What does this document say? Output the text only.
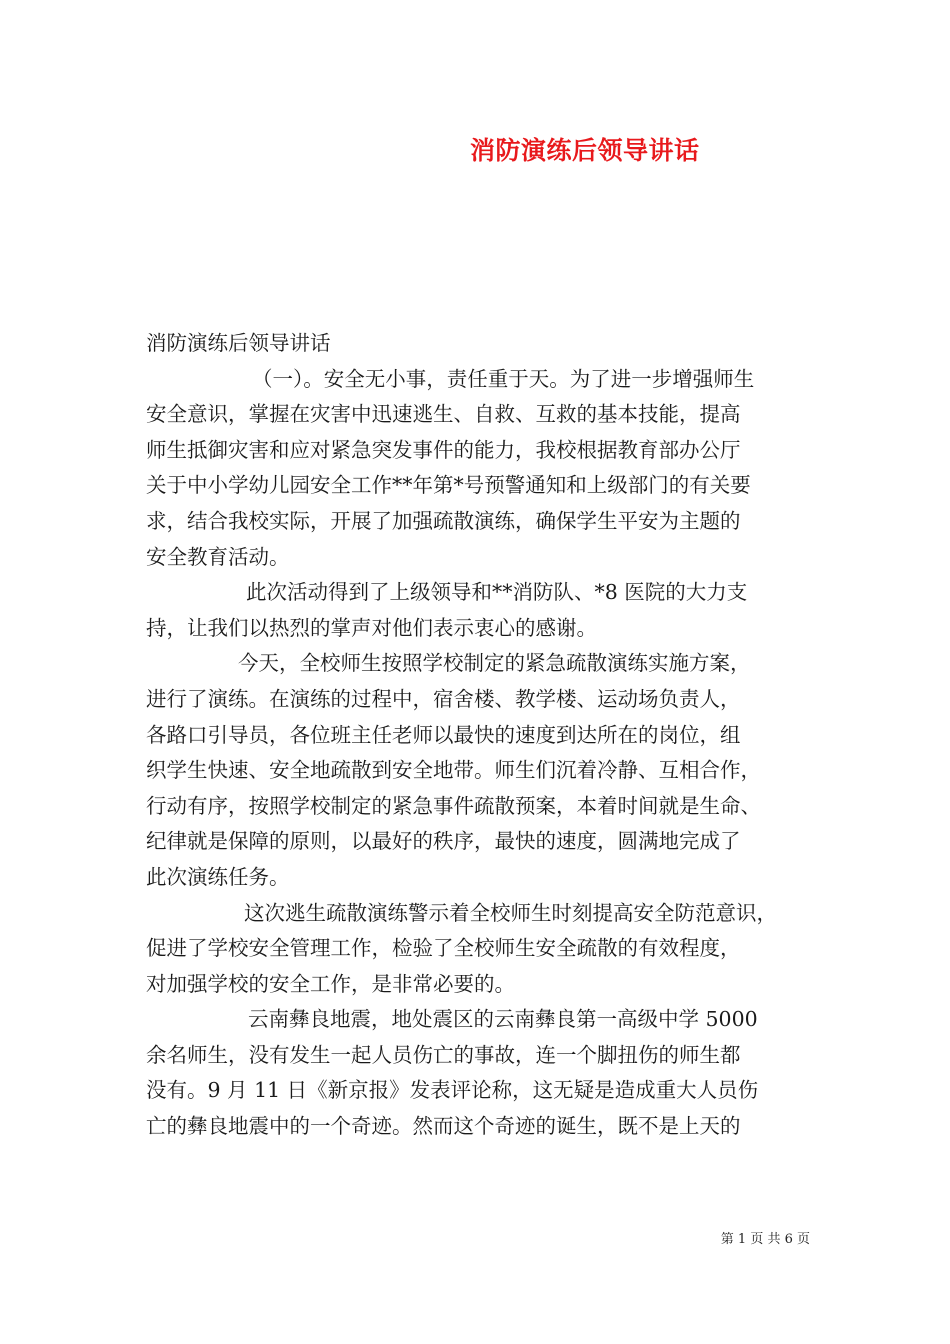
消防演练后领导讲话

消防演练后领导讲话

（一）。安全无小事，责任重于天。为了进一步增强师生
安全意识，掌握在灾害中迅速逃生、自救、互救的基本技能，提高
师生抵御灾害和应对紧急突发事件的能力，我校根据教育部办公厅
关于中小学幼儿园安全工作**年第*号预警通知和上级部门的有关要
求，结合我校实际，开展了加强疏散演练，确保学生平安为主题的
安全教育活动。

此次活动得到了上级领导和**消防队、*8 医院的大力支
持，让我们以热烈的掌声对他们表示衷心的感谢。

今天，全校师生按照学校制定的紧急疏散演练实施方案，
进行了演练。在演练的过程中，宿舍楼、教学楼、运动场负责人，
各路口引导员，各位班主任老师以最快的速度到达所在的岗位，组
织学生快速、安全地疏散到安全地带。师生们沉着冷静、互相合作，
行动有序，按照学校制定的紧急事件疏散预案，本着时间就是生命、
纪律就是保障的原则，以最好的秩序，最快的速度，圆满地完成了
此次演练任务。

这次逃生疏散演练警示着全校师生时刻提高安全防范意识，
促进了学校安全管理工作，检验了全校师生安全疏散的有效程度，
对加强学校的安全工作，是非常必要的。

云南彝良地震，地处震区的云南彝良第一高级中学 5000
余名师生，没有发生一起人员伤亡的事故，连一个脚扭伤的师生都
没有。9 月 11 日《新京报》发表评论称，这无疑是造成重大人员伤
亡的彝良地震中的一个奇迹。然而这个奇迹的诞生，既不是上天的

第 1 页 共 6 页
